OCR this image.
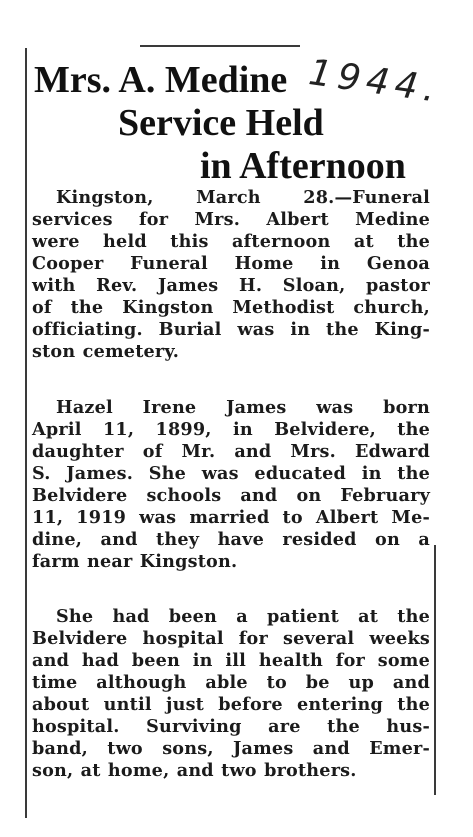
1944.
Mrs. A. Medine
Service Held
in Afternoon
Kingston, March 28.—Funeral
services for Mrs. Albert Medine
were held this afternoon at the
Cooper Funeral Home in Genoa
with Rev. James H. Sloan, pastor
of the Kingston Methodist church,
officiating. Burial was in the King-
ston cemetery.
Hazel Irene James was born
April 11, 1899, in Belvidere, the
daughter of Mr. and Mrs. Edward
S. James. She was educated in the
Belvidere schools and on February
11, 1919 was married to Albert Me-
dine, and they have resided on a
farm near Kingston.
She had been a patient at the
Belvidere hospital for several weeks
and had been in ill health for some
time although able to be up and
about until just before entering the
hospital. Surviving are the hus-
band, two sons, James and Emer-
son, at home, and two brothers.
